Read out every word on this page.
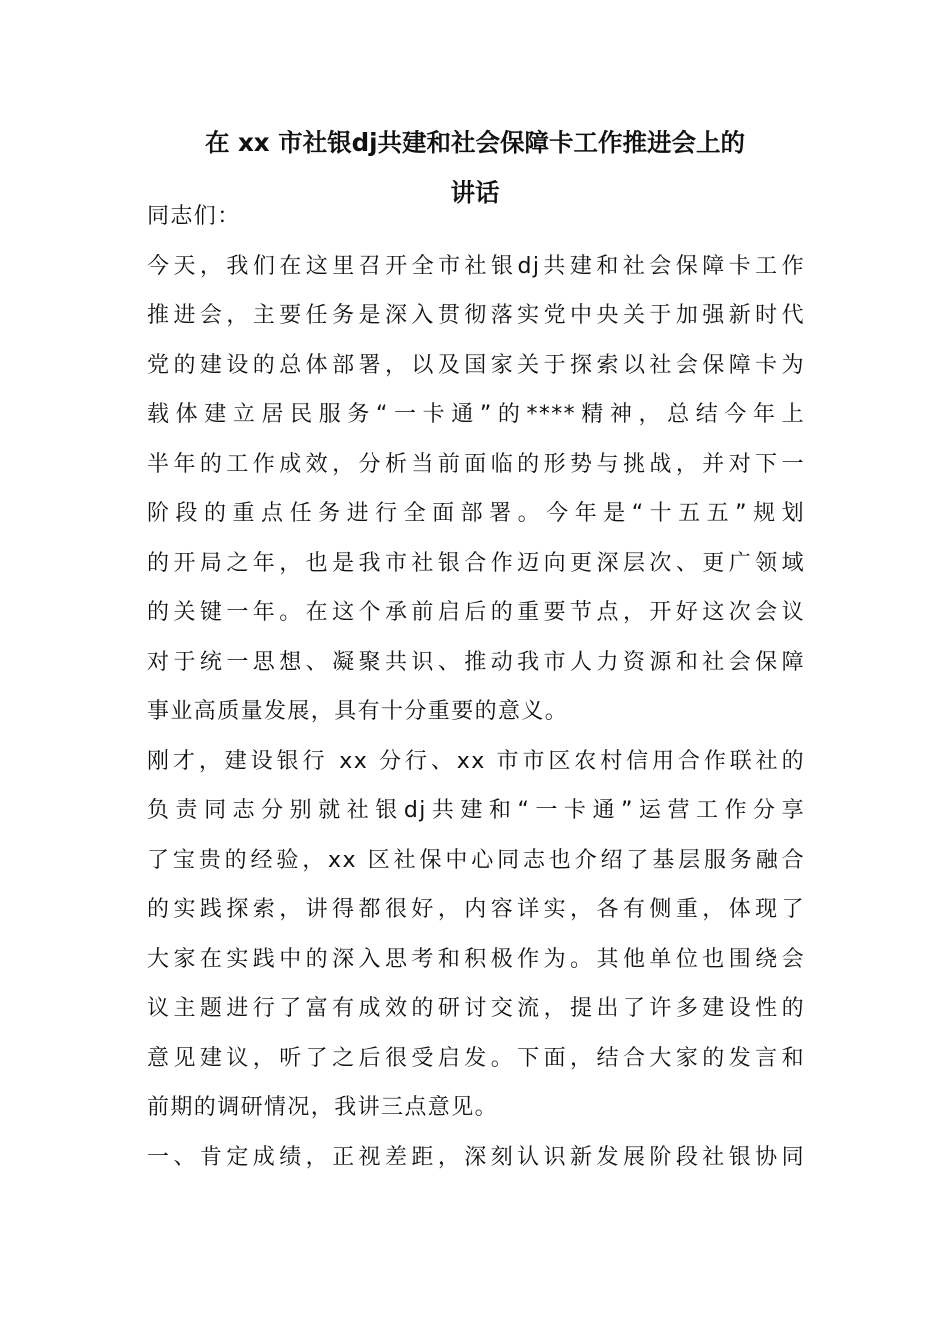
在 xx 市社银dj共建和社会保障卡工作推进会上的
讲话
同志们：
今天，我们在这里召开全市社银dj共建和社会保障卡工作
推进会，主要任务是深入贯彻落实党中央关于加强新时代
党的建设的总体部署，以及国家关于探索以社会保障卡为
载体建立居民服务“一卡通”的****精神，总结今年上
半年的工作成效，分析当前面临的形势与挑战，并对下一
阶段的重点任务进行全面部署。今年是“十五五”规划
的开局之年，也是我市社银合作迈向更深层次、更广领域
的关键一年。在这个承前启后的重要节点，开好这次会议
对于统一思想、凝聚共识、推动我市人力资源和社会保障
事业高质量发展，具有十分重要的意义。
刚才，建设银行 xx 分行、xx 市市区农村信用合作联社的
负责同志分别就社银dj共建和“一卡通”运营工作分享
了宝贵的经验，xx 区社保中心同志也介绍了基层服务融合
的实践探索，讲得都很好，内容详实，各有侧重，体现了
大家在实践中的深入思考和积极作为。其他单位也围绕会
议主题进行了富有成效的研讨交流，提出了许多建设性的
意见建议，听了之后很受启发。下面，结合大家的发言和
前期的调研情况，我讲三点意见。
一、肯定成绩，正视差距，深刻认识新发展阶段社银协同
